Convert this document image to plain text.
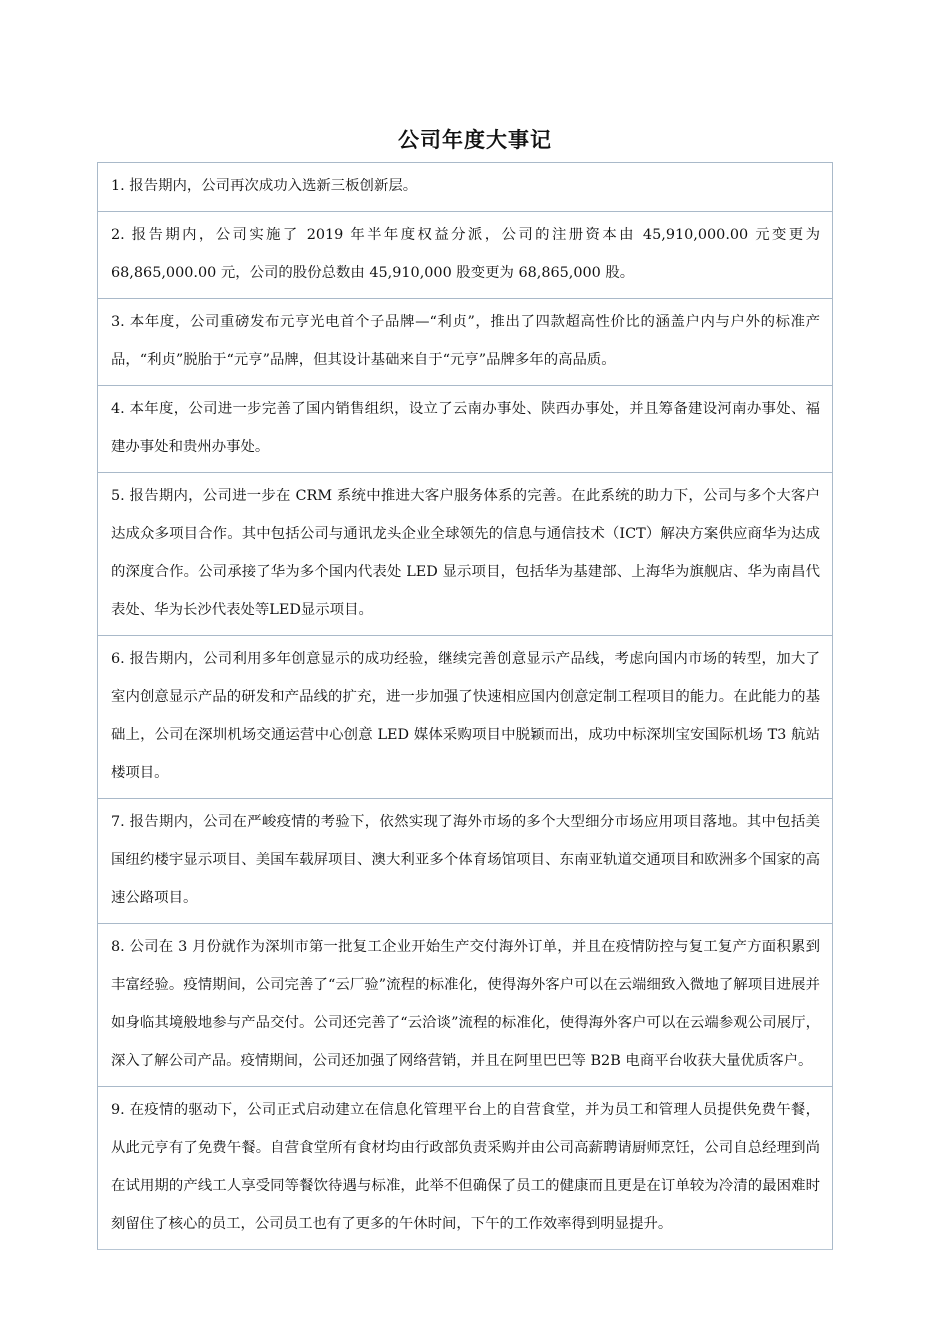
公司年度大事记

1. 报告期内，公司再次成功入选新三板创新层。

2. 报告期内，公司实施了 2019 年半年度权益分派，公司的注册资本由 45,910,000.00 元变更为 68,865,000.00 元，公司的股份总数由 45,910,000 股变更为 68,865,000 股。

3. 本年度，公司重磅发布元亨光电首个子品牌—“利贞”，推出了四款超高性价比的涵盖户内与户外的标准产品，“利贞”脱胎于“元亨”品牌，但其设计基础来自于“元亨”品牌多年的高品质。

4. 本年度，公司进一步完善了国内销售组织，设立了云南办事处、陕西办事处，并且筹备建设河南办事处、福建办事处和贵州办事处。

5. 报告期内，公司进一步在 CRM 系统中推进大客户服务体系的完善。在此系统的助力下，公司与多个大客户达成众多项目合作。其中包括公司与通讯龙头企业全球领先的信息与通信技术（ICT）解决方案供应商华为达成的深度合作。公司承接了华为多个国内代表处 LED 显示项目，包括华为基建部、上海华为旗舰店、华为南昌代表处、华为长沙代表处等LED显示项目。

6. 报告期内，公司利用多年创意显示的成功经验，继续完善创意显示产品线，考虑向国内市场的转型，加大了室内创意显示产品的研发和产品线的扩充，进一步加强了快速相应国内创意定制工程项目的能力。在此能力的基础上，公司在深圳机场交通运营中心创意 LED 媒体采购项目中脱颖而出，成功中标深圳宝安国际机场 T3 航站楼项目。

7. 报告期内，公司在严峻疫情的考验下，依然实现了海外市场的多个大型细分市场应用项目落地。其中包括美国纽约楼宇显示项目、美国车载屏项目、澳大利亚多个体育场馆项目、东南亚轨道交通项目和欧洲多个国家的高速公路项目。

8. 公司在 3 月份就作为深圳市第一批复工企业开始生产交付海外订单，并且在疫情防控与复工复产方面积累到丰富经验。疫情期间，公司完善了“云厂验”流程的标准化，使得海外客户可以在云端细致入微地了解项目进展并如身临其境般地参与产品交付。公司还完善了“云洽谈”流程的标准化，使得海外客户可以在云端参观公司展厅，深入了解公司产品。疫情期间，公司还加强了网络营销，并且在阿里巴巴等 B2B 电商平台收获大量优质客户。

9. 在疫情的驱动下，公司正式启动建立在信息化管理平台上的自营食堂，并为员工和管理人员提供免费午餐，从此元亨有了免费午餐。自营食堂所有食材均由行政部负责采购并由公司高薪聘请厨师烹饪，公司自总经理到尚在试用期的产线工人享受同等餐饮待遇与标准，此举不但确保了员工的健康而且更是在订单较为冷清的最困难时刻留住了核心的员工，公司员工也有了更多的午休时间，下午的工作效率得到明显提升。
